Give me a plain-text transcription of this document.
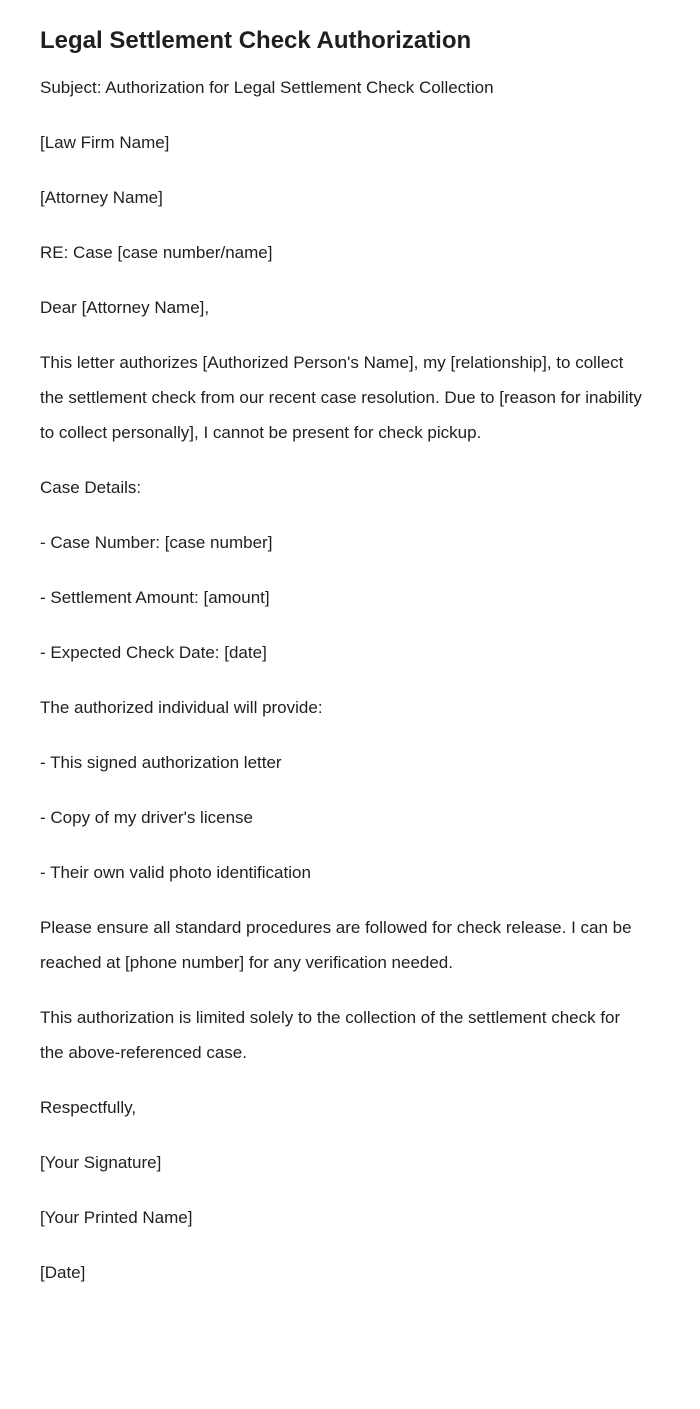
Legal Settlement Check Authorization

Subject: Authorization for Legal Settlement Check Collection

[Law Firm Name]

[Attorney Name]

RE: Case [case number/name]

Dear [Attorney Name],

This letter authorizes [Authorized Person's Name], my [relationship], to collect the settlement check from our recent case resolution. Due to [reason for inability to collect personally], I cannot be present for check pickup.

Case Details:

- Case Number: [case number]

- Settlement Amount: [amount]

- Expected Check Date: [date]

The authorized individual will provide:

- This signed authorization letter

- Copy of my driver's license

- Their own valid photo identification

Please ensure all standard procedures are followed for check release. I can be reached at [phone number] for any verification needed.

This authorization is limited solely to the collection of the settlement check for the above-referenced case.

Respectfully,

[Your Signature]

[Your Printed Name]

[Date]
